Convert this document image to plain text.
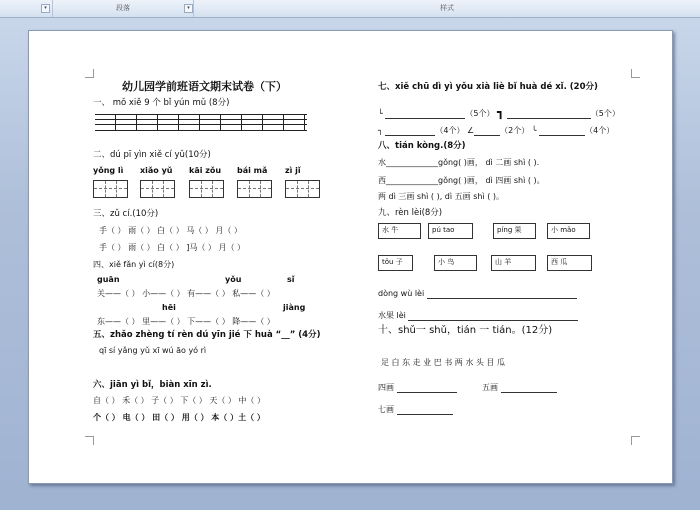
▾	段落	▾	样式
幼儿园学前班语文期末试卷（下）
一、 mǒ xiě 9 个 bǐ yún mǔ (8分)
二、dú pī yìn xiě cí yǔ(10分)
yǒng lì xiǎo yǔ kāi zǒu bái mǎ zì jǐ
三、zǔ cí.(10分)
手（ ） 雨（ ） 白（ ） 马（ ） 月（ ）
手（ ） 雨（ ） 白（ ） ]马（ ） 月（ ）
四、xiě fǎn yì cí(8分)
guān	yǒu	sǐ
关——（ ） 小——（ ） 有——（ ） 私——（ ）
hēi	jiàng
东——（ ） 里——（ ） 下——（ ） 降——（ ）
五、zhǎo zhèng tí rèn dú yīn jié 下 huà “__” (4分)
qī sí yǎng yǔ xī wú āo yó rì
六、jiān yì bǐ，biàn xīn zì.
自（ ） 禾（ ） 子（ ） 下（ ） 天（ ） 中（ ）
个（ ） 电（ ） 田（ ） 用（ ） 本（ ）土（ ）
七、xiě chū dì yì yǒu xià liè bǐ huà dé xǐ. (20分)
└	（5个） ┓	（5个）
┐	（4个） ∠	（2个） ╰	（4个）
八、tián kòng.(8分)
水_____________gǒng( )画， dì 二画 shì ( ).
西_____________gǒng( )画， dì 四画 shì ( )。
两 dì 三画 shì ( ), dì 五画 shì ( )。
九、rèn lèi(8分)
水 牛	pú tao	píng 果	小 mǎo
tǒu 子	小 鸟	山 羊	西 瓜
dòng wù lèi
水果 lèi
十、shǔ一 shǔ，tián 一 tián。(12分)
足 白 东 走 业 巴 书 两 水 头 目 瓜
四画	五画
七画
